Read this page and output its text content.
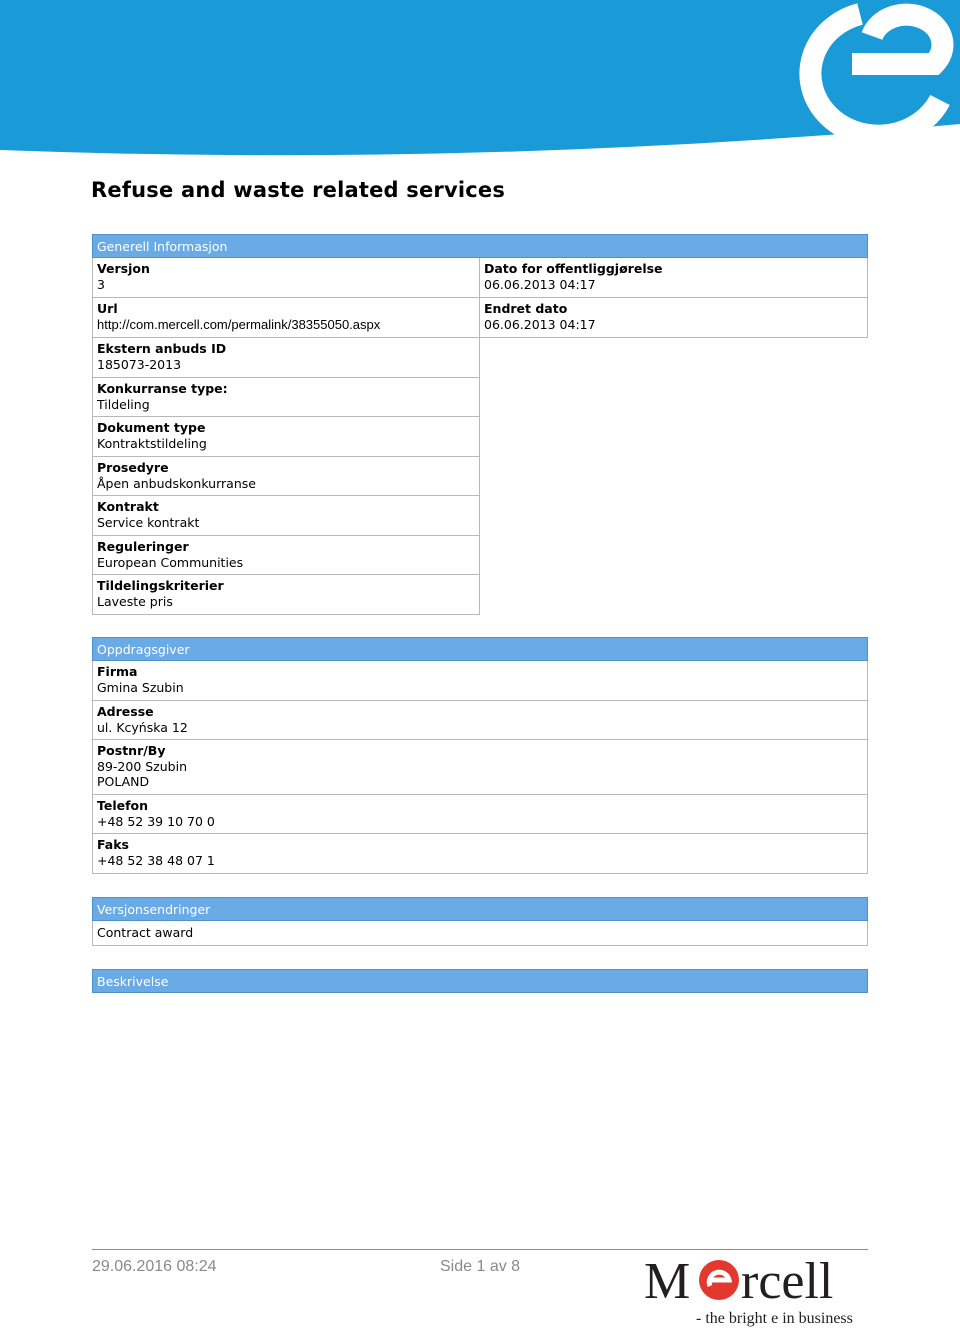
Refuse and waste related services
Generell Informasjon
Versjon
3
Url
http://com.mercell.com/permalink/38355050.aspx
Ekstern anbuds ID
185073-2013
Konkurranse type:
Tildeling
Dokument type
Kontraktstildeling
Prosedyre
Åpen anbudskonkurranse
Kontrakt
Service kontrakt
Reguleringer
European Communities
Tildelingskriterier
Laveste pris
Dato for offentliggjørelse
06.06.2013 04:17
Endret dato
06.06.2013 04:17
Oppdragsgiver
Firma
Gmina Szubin
Adresse
ul. Kcyńska 12
Postnr/By
89-200 Szubin
POLAND
Telefon
+48 52 39 10 70 0
Faks
+48 52 38 48 07 1
Versjonsendringer
Contract award
Beskrivelse
29.06.2016 08:24	Side 1 av 8 M rcell
- the bright e in business
